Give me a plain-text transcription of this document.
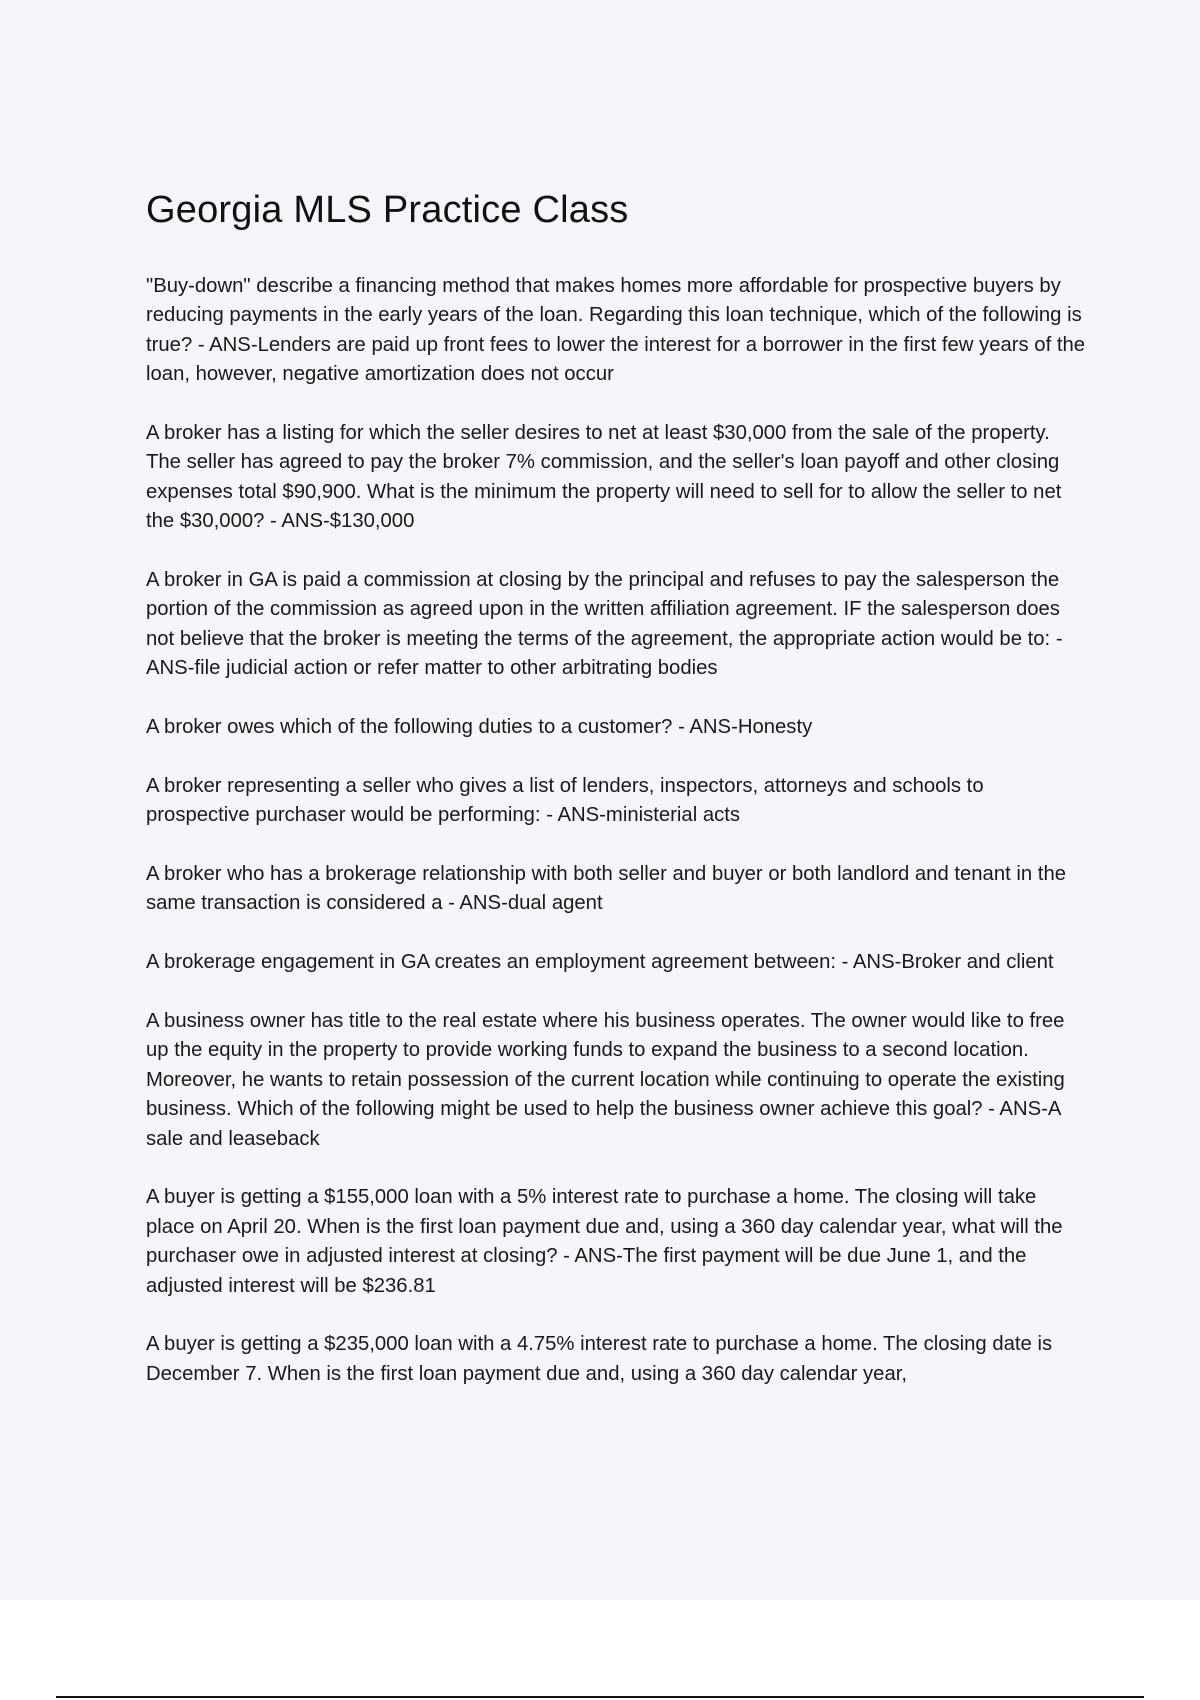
Georgia MLS Practice Class

"Buy-down" describe a financing method that makes homes more affordable for prospective buyers by reducing payments in the early years of the loan. Regarding this loan technique, which of the following is true? - ANS-Lenders are paid up front fees to lower the interest for a borrower in the first few years of the loan, however, negative amortization does not occur

A broker has a listing for which the seller desires to net at least $30,000 from the sale of the property. The seller has agreed to pay the broker 7% commission, and the seller's loan payoff and other closing expenses total $90,900. What is the minimum the property will need to sell for to allow the seller to net the $30,000? - ANS-$130,000

A broker in GA is paid a commission at closing by the principal and refuses to pay the salesperson the portion of the commission as agreed upon in the written affiliation agreement. IF the salesperson does not believe that the broker is meeting the terms of the agreement, the appropriate action would be to: - ANS-file judicial action or refer matter to other arbitrating bodies

A broker owes which of the following duties to a customer? - ANS-Honesty

A broker representing a seller who gives a list of lenders, inspectors, attorneys and schools to prospective purchaser would be performing: - ANS-ministerial acts

A broker who has a brokerage relationship with both seller and buyer or both landlord and tenant in the same transaction is considered a - ANS-dual agent

A brokerage engagement in GA creates an employment agreement between: - ANS-Broker and client

A business owner has title to the real estate where his business operates. The owner would like to free up the equity in the property to provide working funds to expand the business to a second location. Moreover, he wants to retain possession of the current location while continuing to operate the existing business. Which of the following might be used to help the business owner achieve this goal? - ANS-A sale and leaseback

A buyer is getting a $155,000 loan with a 5% interest rate to purchase a home. The closing will take place on April 20. When is the first loan payment due and, using a 360 day calendar year, what will the purchaser owe in adjusted interest at closing? - ANS-The first payment will be due June 1, and the adjusted interest will be $236.81

A buyer is getting a $235,000 loan with a 4.75% interest rate to purchase a home. The closing date is December 7. When is the first loan payment due and, using a 360 day calendar year,
